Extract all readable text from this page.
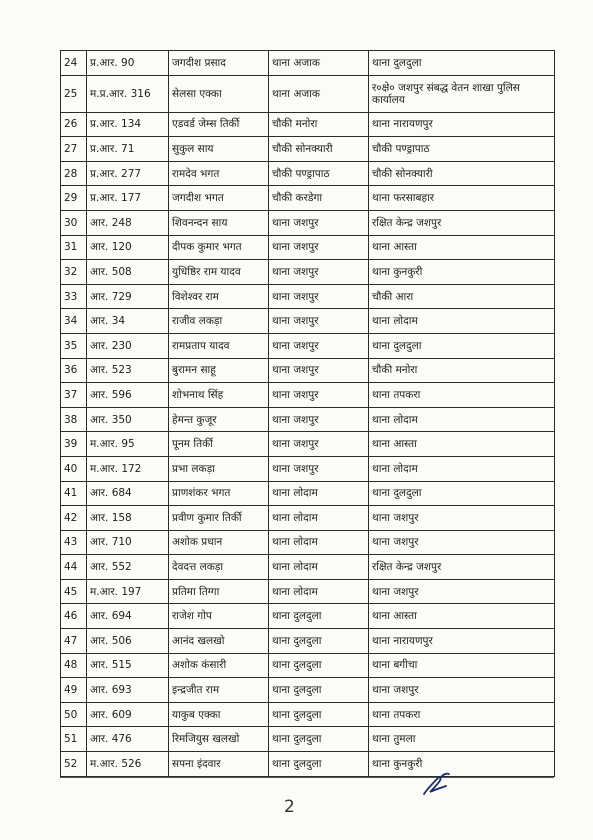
24	प्र.आर. 90	जगदीश प्रसाद	थाना अजाक	थाना दुलदुला
25	म.प्र.आर. 316	सेलसा एक्का	थाना अजाक	र०क्षे० जशपुर संबद्ध वेतन शाखा पुलिस कार्यालय
26	प्र.आर. 134	एडवर्ड जेम्स तिर्की	चौकी मनोरा	थाना नारायणपुर
27	प्र.आर. 71	सुकुल साय	चौकी सोनक्यारी	चौकी पण्ड्रापाठ
28	प्र.आर. 277	रामदेव भगत	चौकी पण्ड्रापाठ	चौकी सोनक्यारी
29	प्र.आर. 177	जगदीश भगत	चौकी करडेगा	थाना फरसाबहार
30	आर. 248	शिवनन्दन साय	थाना जशपुर	रक्षित केन्द्र जशपुर
31	आर. 120	दीपक कुमार भगत	थाना जशपुर	थाना आस्ता
32	आर. 508	युधिष्ठिर राम यादव	थाना जशपुर	थाना कुनकुरी
33	आर. 729	विशेश्वर राम	थाना जशपुर	चौकी आरा
34	आर. 34	राजीव लकड़ा	थाना जशपुर	थाना लोदाम
35	आर. 230	रामप्रताप यादव	थाना जशपुर	थाना दुलदुला
36	आर. 523	बुरामन साहू	थाना जशपुर	चौकी मनोरा
37	आर. 596	शोभनाथ सिंह	थाना जशपुर	थाना तपकरा
38	आर. 350	हेमन्त कुजूर	थाना जशपुर	थाना लोदाम
39	म.आर. 95	पूनम तिर्की	थाना जशपुर	थाना आस्ता
40	म.आर. 172	प्रभा लकड़ा	थाना जशपुर	थाना लोदाम
41	आर. 684	प्राणशंकर भगत	थाना लोदाम	थाना दुलदुला
42	आर. 158	प्रवीण कुमार तिर्की	थाना लोदाम	थाना जशपुर
43	आर. 710	अशोक प्रधान	थाना लोदाम	थाना जशपुर
44	आर. 552	देवदत्त लकड़ा	थाना लोदाम	रक्षित केन्द्र जशपुर
45	म.आर. 197	प्रतिमा तिग्गा	थाना लोदाम	थाना जशपुर
46	आर. 694	राजेश गोप	थाना दुलदुला	थाना आस्ता
47	आर. 506	आनंद खलखो	थाना दुलदुला	थाना नारायणपुर
48	आर. 515	अशोक कंसारी	थाना दुलदुला	थाना बगीचा
49	आर. 693	इन्द्रजीत राम	थाना दुलदुला	थाना जशपुर
50	आर. 609	याकुब एक्का	थाना दुलदुला	थाना तपकरा
51	आर. 476	रिमजियुस खलखो	थाना दुलदुला	थाना तुमला
52	म.आर. 526	सपना इंदवार	थाना दुलदुला	थाना कुनकुरी
2
